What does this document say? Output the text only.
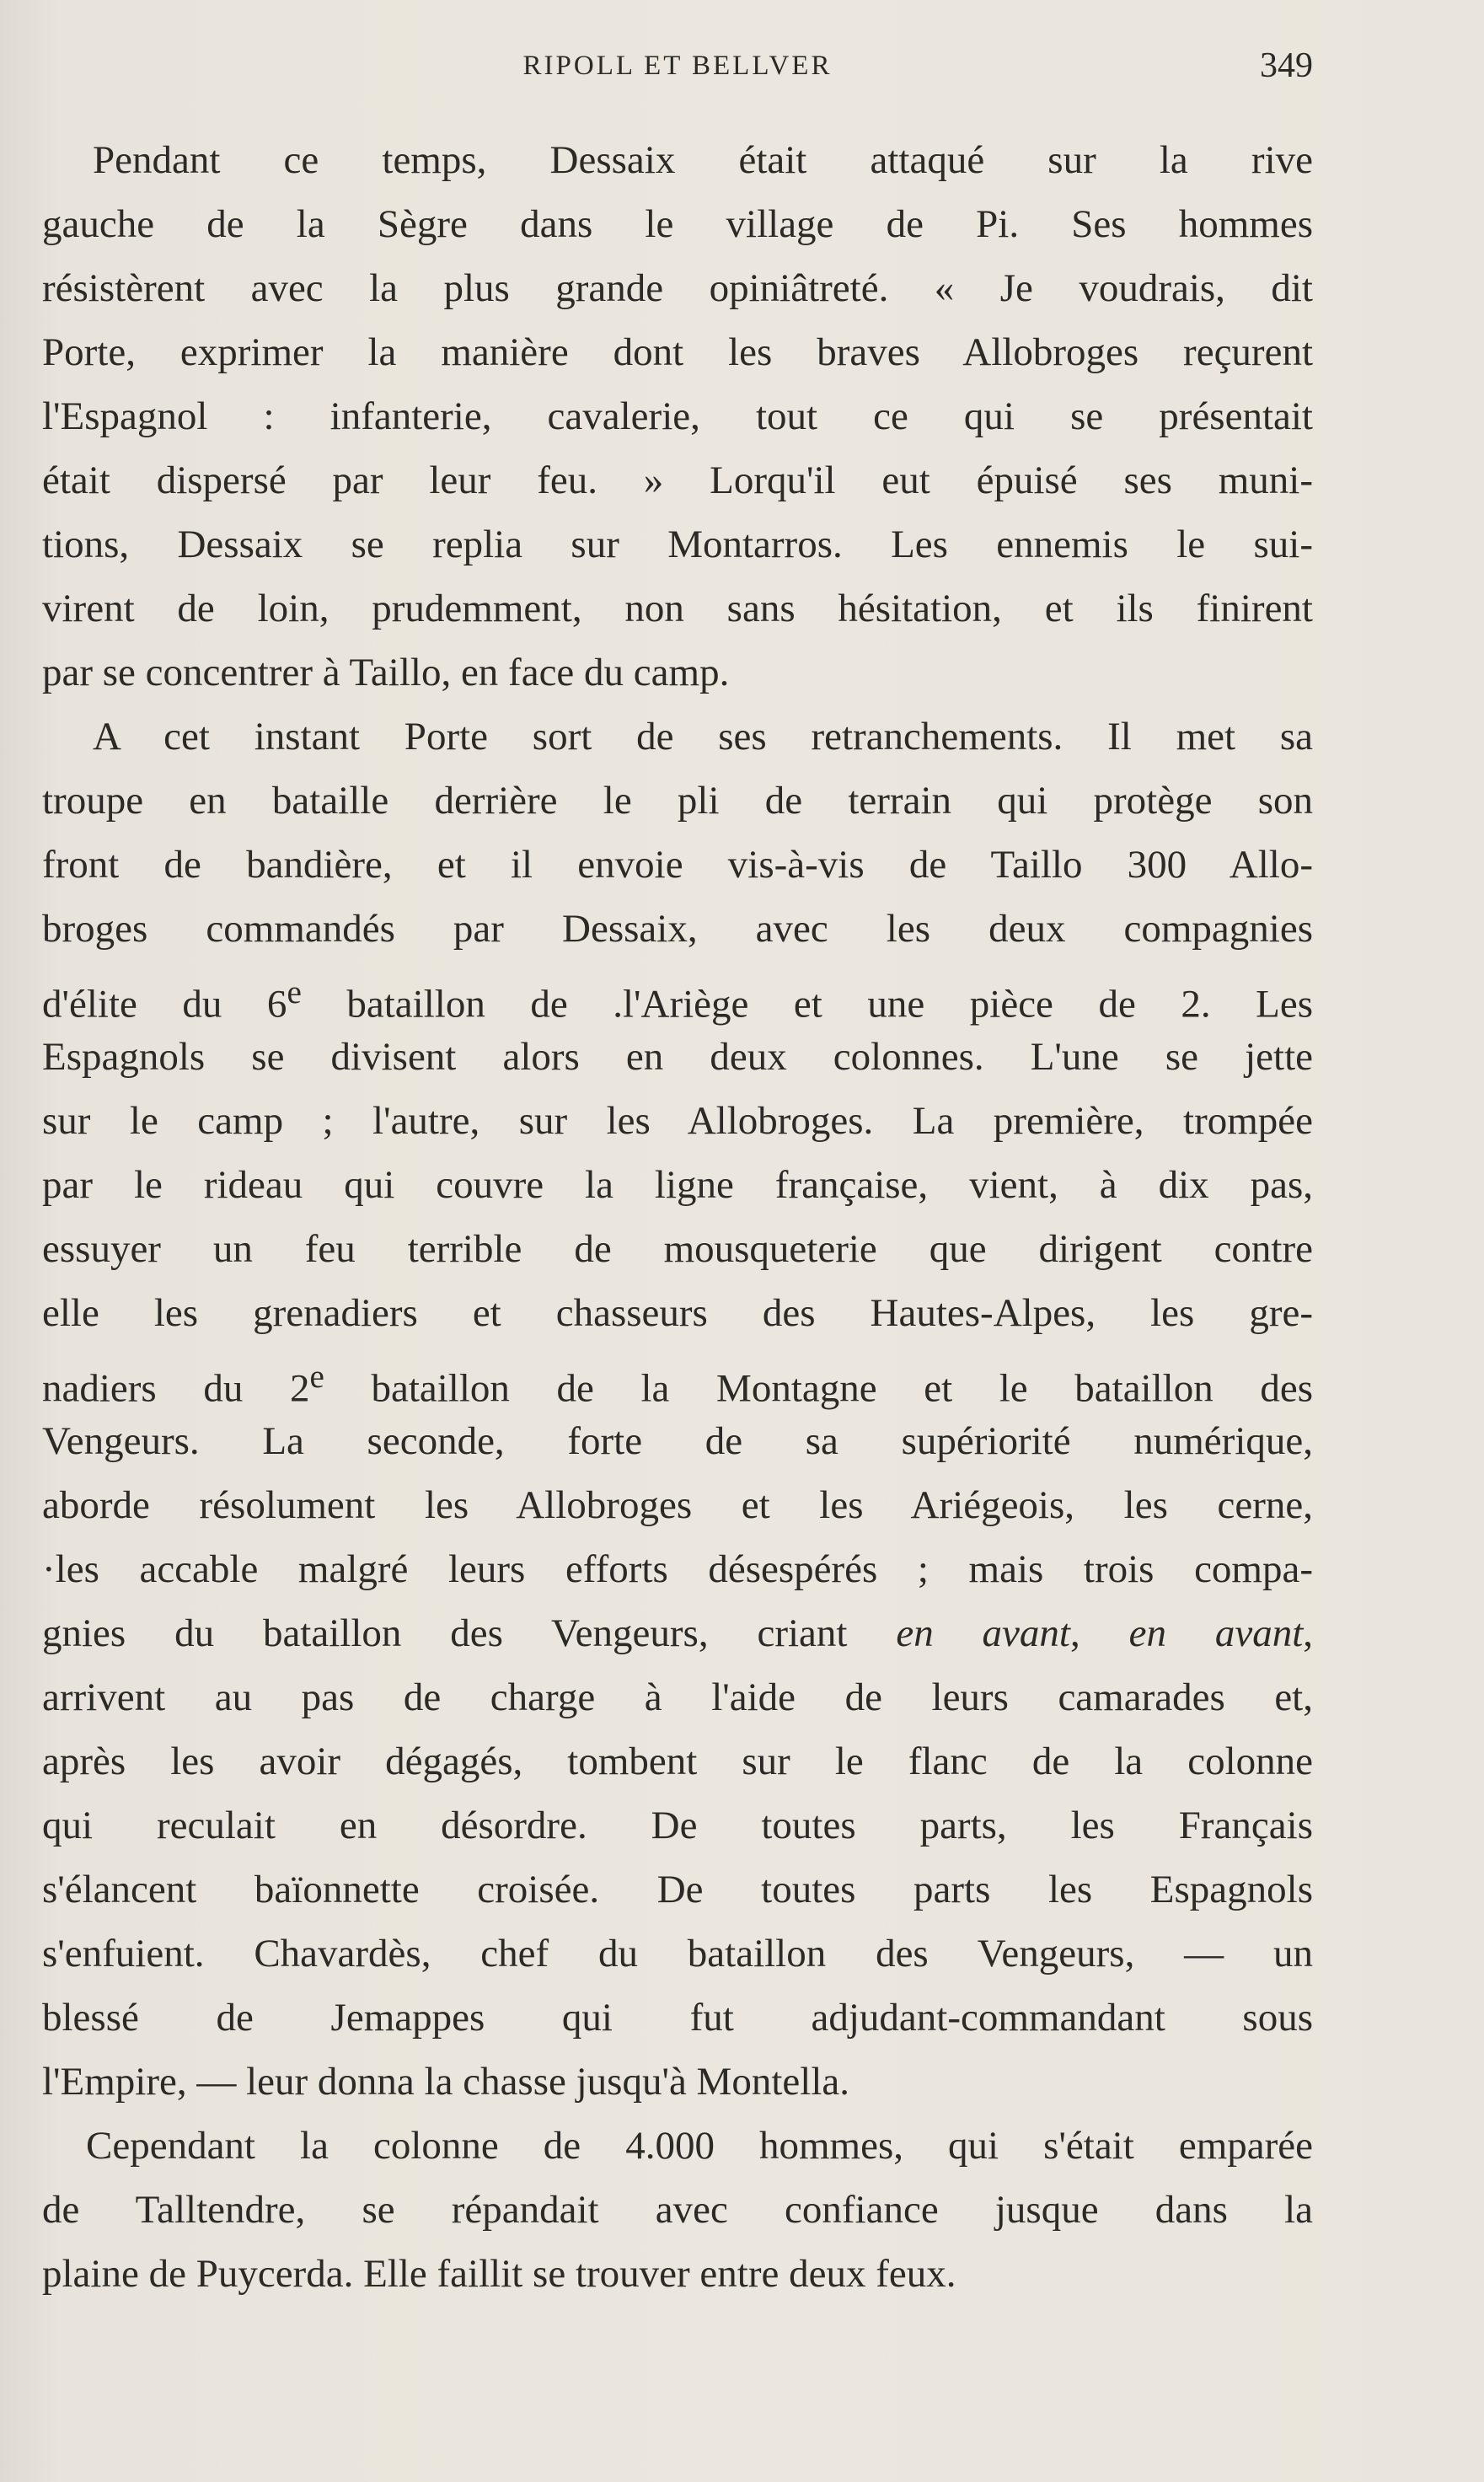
RIPOLL ET BELLVER	349
Pendant ce temps, Dessaix était attaqué sur la rive
gauche de la Sègre dans le village de Pi. Ses hommes
résistèrent avec la plus grande opiniâtreté. « Je voudrais, dit
Porte, exprimer la manière dont les braves Allobroges reçurent
l'Espagnol : infanterie, cavalerie, tout ce qui se présentait
était dispersé par leur feu. » Lorqu'il eut épuisé ses muni-
tions, Dessaix se replia sur Montarros. Les ennemis le sui-
virent de loin, prudemment, non sans hésitation, et ils finirent
par se concentrer à Taillo, en face du camp.
A cet instant Porte sort de ses retranchements. Il met sa
troupe en bataille derrière le pli de terrain qui protège son
front de bandière, et il envoie vis-à-vis de Taillo 300 Allo-
broges commandés par Dessaix, avec les deux compagnies
d'élite du 6e bataillon de .l'Ariège et une pièce de 2. Les
Espagnols se divisent alors en deux colonnes. L'une se jette
sur le camp ; l'autre, sur les Allobroges. La première, trompée
par le rideau qui couvre la ligne française, vient, à dix pas,
essuyer un feu terrible de mousqueterie que dirigent contre
elle les grenadiers et chasseurs des Hautes-Alpes, les gre-
nadiers du 2e bataillon de la Montagne et le bataillon des
Vengeurs. La seconde, forte de sa supériorité numérique,
aborde résolument les Allobroges et les Ariégeois, les cerne,
·les accable malgré leurs efforts désespérés ; mais trois compa-
gnies du bataillon des Vengeurs, criant en avant, en avant,
arrivent au pas de charge à l'aide de leurs camarades et,
après les avoir dégagés, tombent sur le flanc de la colonne
qui reculait en désordre. De toutes parts, les Français
s'élancent baïonnette croisée. De toutes parts les Espagnols
s'enfuient. Chavardès, chef du bataillon des Vengeurs, — un
blessé de Jemappes qui fut adjudant-commandant sous
l'Empire, — leur donna la chasse jusqu'à Montella.
Cependant la colonne de 4.000 hommes, qui s'était emparée
de Talltendre, se répandait avec confiance jusque dans la
plaine de Puycerda. Elle faillit se trouver entre deux feux.
